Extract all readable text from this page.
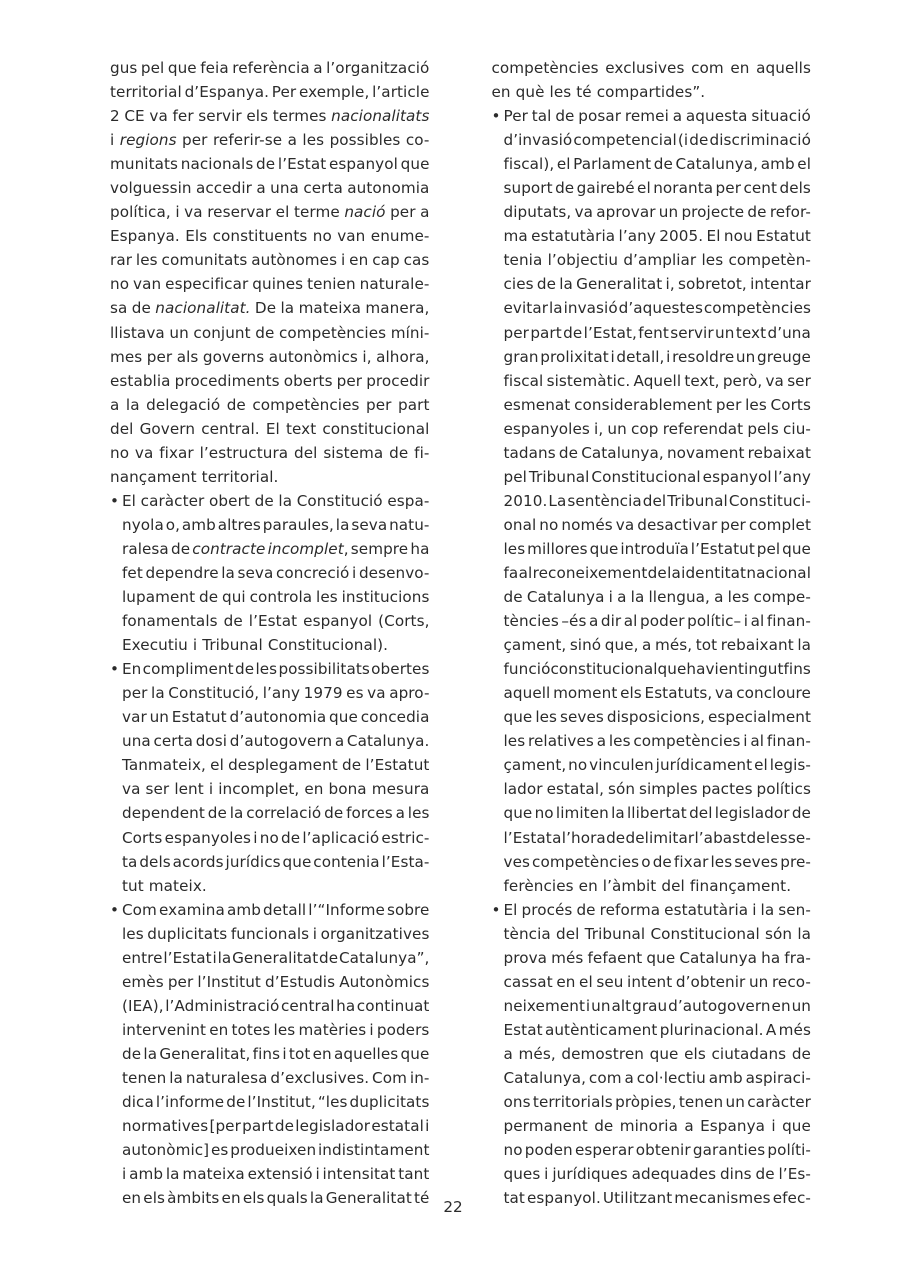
gus pel que feia referència a l’organització
territorial d’Espanya. Per exemple, l’article
2 CE va fer servir els termes nacionalitats
i regions per referir-se a les possibles co-
munitats nacionals de l’Estat espanyol que
volguessin accedir a una certa autonomia
política, i va reservar el terme nació per a
Espanya. Els constituents no van enume-
rar les comunitats autònomes i en cap cas
no van especificar quines tenien naturale-
sa de nacionalitat. De la mateixa manera,
llistava un conjunt de competències míni-
mes per als governs autonòmics i, alhora,
establia procediments oberts per procedir
a la delegació de competències per part
del Govern central. El text constitucional
no va fixar l’estructura del sistema de fi-
nançament territorial.
• El caràcter obert de la Constitució espa-
nyola o, amb altres paraules, la seva natu-
ralesa de contracte incomplet, sempre ha
fet dependre la seva concreció i desenvo-
lupament de qui controla les institucions
fonamentals de l’Estat espanyol (Corts,
Executiu i Tribunal Constitucional).
• En compliment de les possibilitats obertes
per la Constitució, l’any 1979 es va apro-
var un Estatut d’autonomia que concedia
una certa dosi d’autogovern a Catalunya.
Tanmateix, el desplegament de l’Estatut
va ser lent i incomplet, en bona mesura
dependent de la correlació de forces a les
Corts espanyoles i no de l’aplicació estric-
ta dels acords jurídics que contenia l’Esta-
tut mateix.
• Com examina amb detall l’“Informe sobre
les duplicitats funcionals i organitzatives
entre l’Estat i la Generalitat de Catalunya”,
emès per l’Institut d’Estudis Autonòmics
(IEA), l’Administració central ha continuat
intervenint en totes les matèries i poders
de la Generalitat, fins i tot en aquelles que
tenen la naturalesa d’exclusives. Com in-
dica l’informe de l’Institut, “les duplicitats
normatives [per part de legislador estatal i
autonòmic] es produeixen indistintament
i amb la mateixa extensió i intensitat tant
en els àmbits en els quals la Generalitat té
competències exclusives com en aquells
en què les té compartides”.
• Per tal de posar remei a aquesta situació
d’invasió competencial (i de discriminació
fiscal), el Parlament de Catalunya, amb el
suport de gairebé el noranta per cent dels
diputats, va aprovar un projecte de refor-
ma estatutària l’any 2005. El nou Estatut
tenia l’objectiu d’ampliar les competèn-
cies de la Generalitat i, sobretot, intentar
evitar la invasió d’aquestes competències
per part de l’Estat, fent servir un text d’una
gran prolixitat i detall, i resoldre un greuge
fiscal sistemàtic. Aquell text, però, va ser
esmenat considerablement per les Corts
espanyoles i, un cop referendat pels ciu-
tadans de Catalunya, novament rebaixat
pel Tribunal Constitucional espanyol l’any
2010. La sentència del Tribunal Constituci-
onal no només va desactivar per complet
les millores que introduïa l’Estatut pel que
fa al reconeixement de la identitat nacional
de Catalunya i a la llengua, a les compe-
tències –és a dir al poder polític– i al finan-
çament, sinó que, a més, tot rebaixant la
funció constitucional que havien tingut fins
aquell moment els Estatuts, va concloure
que les seves disposicions, especialment
les relatives a les competències i al finan-
çament, no vinculen jurídicament el legis-
lador estatal, són simples pactes polítics
que no limiten la llibertat del legislador de
l’Estat a l’hora de delimitar l’abast de les se-
ves competències o de fixar les seves pre-
ferències en l’àmbit del finançament.
• El procés de reforma estatutària i la sen-
tència del Tribunal Constitucional són la
prova més fefaent que Catalunya ha fra-
cassat en el seu intent d’obtenir un reco-
neixement i un alt grau d’autogovern en un
Estat autènticament plurinacional. A més
a més, demostren que els ciutadans de
Catalunya, com a col·lectiu amb aspiraci-
ons territorials pròpies, tenen un caràcter
permanent de minoria a Espanya i que
no poden esperar obtenir garanties políti-
ques i jurídiques adequades dins de l’Es-
tat espanyol. Utilitzant mecanismes efec-
22
